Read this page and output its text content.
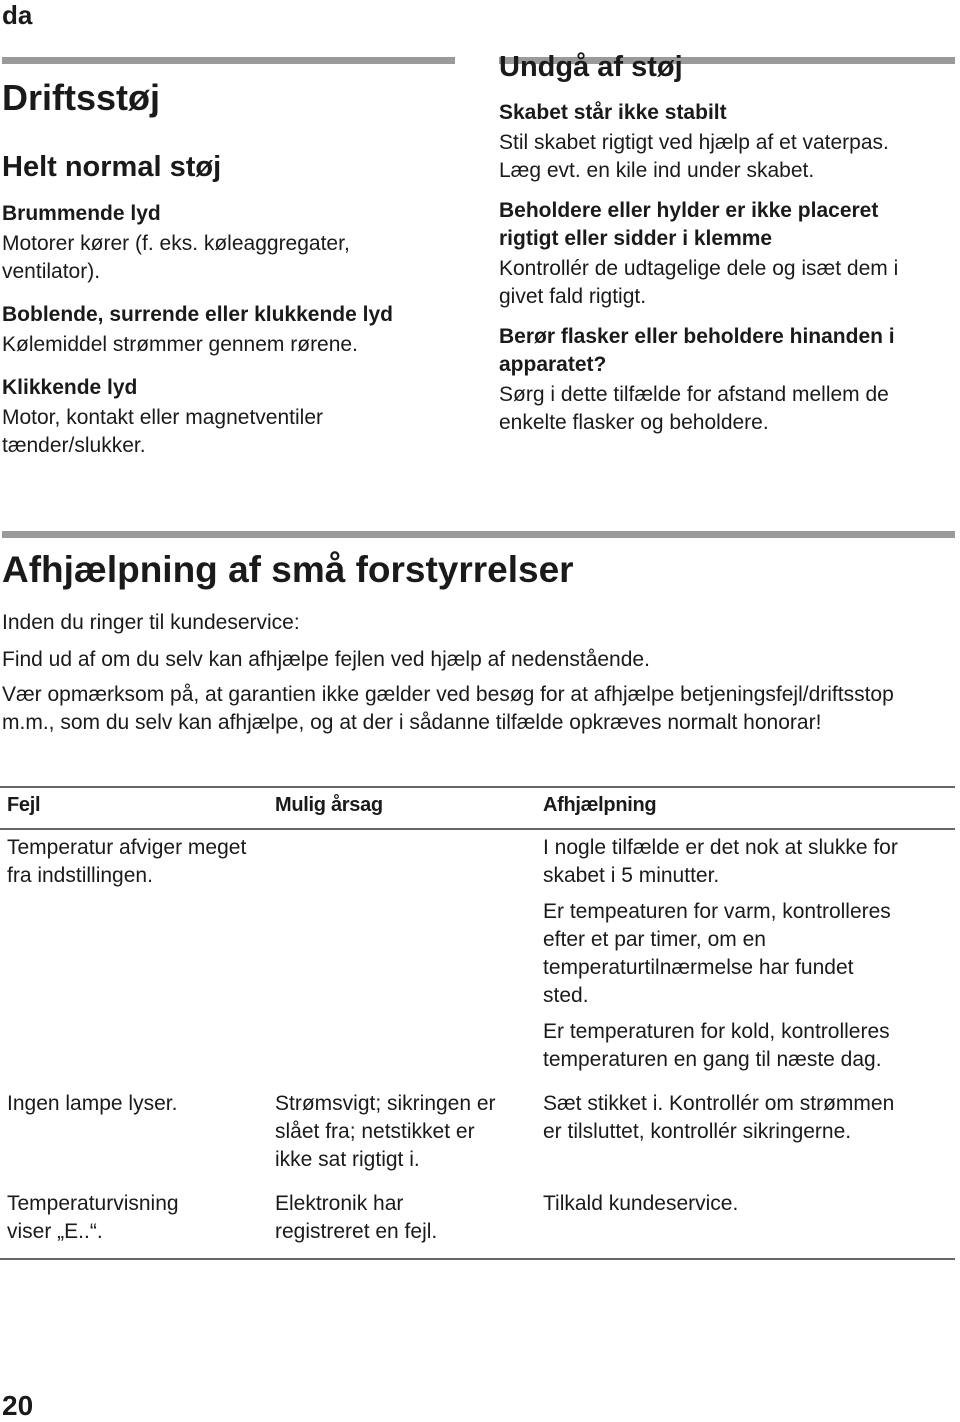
da
Driftsstøj
Helt normal støj
Brummende lyd
Motorer kører (f. eks. køleaggregater, ventilator).
Boblende, surrende eller klukkende lyd
Kølemiddel strømmer gennem rørene.
Klikkende lyd
Motor, kontakt eller magnetventiler tænder/slukker.
Undgå af støj
Skabet står ikke stabilt
Stil skabet rigtigt ved hjælp af et vaterpas. Læg evt. en kile ind under skabet.
Beholdere eller hylder er ikke placeret rigtigt eller sidder i klemme
Kontrollér de udtagelige dele og isæt dem i givet fald rigtigt.
Berør flasker eller beholdere hinanden i apparatet?
Sørg i dette tilfælde for afstand mellem de enkelte flasker og beholdere.
Afhjælpning af små forstyrrelser
Inden du ringer til kundeservice:
Find ud af om du selv kan afhjælpe fejlen ved hjælp af nedenstående.
Vær opmærksom på, at garantien ikke gælder ved besøg for at afhjælpe betjeningsfejl/driftsstop m.m., som du selv kan afhjælpe, og at der i sådanne tilfælde opkræves normalt honorar!
Fejl	Mulig årsag	Afhjælpning

Temperatur afviger meget fra indstillingen.		I nogle tilfælde er det nok at slukke for skabet i 5 minutter.
Er tempeaturen for varm, kontrolleres efter et par timer, om en temperaturtilnærmelse har fundet sted.
Er temperaturen for kold, kontrolleres temperaturen en gang til næste dag.

Ingen lampe lyser.	Strømsvigt; sikringen er slået fra; netstikket er ikke sat rigtigt i.	Sæt stikket i. Kontrollér om strømmen er tilsluttet, kontrollér sikringerne.

Temperaturvisning viser „E..“.	Elektronik har registreret en fejl.	Tilkald kundeservice.
20
